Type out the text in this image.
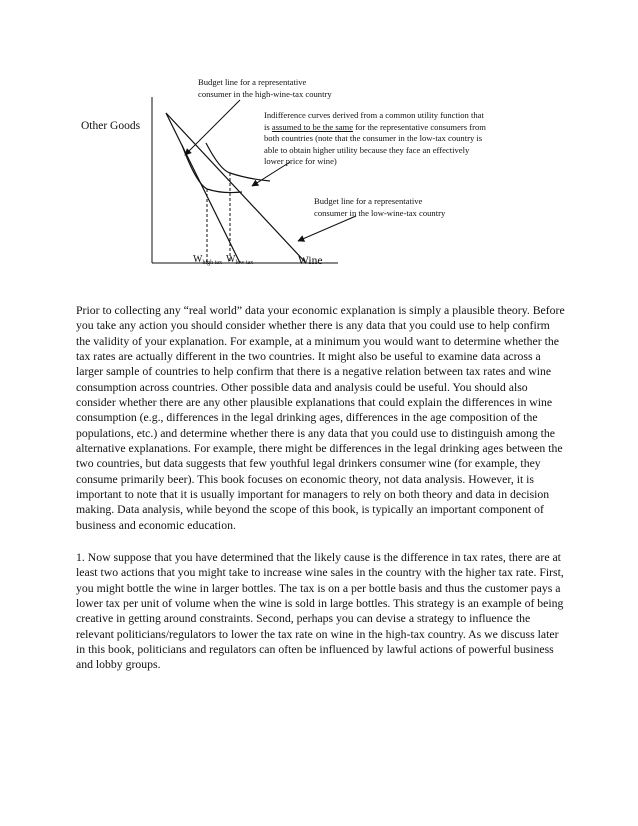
Budget line for a representative
consumer in the high-wine-tax country
Indifference curves derived from a common utility function that
is assumed to be the same for the representative consumers from
both countries (note that the consumer in the low-tax country is
able to obtain higher utility because they face an effectively
lower price for wine)
Budget line for a representative
consumer in the low-wine-tax country
Other Goods
Wine
$W_{high tax}$ $W_{low tax}$

Prior to collecting any “real world” data your economic explanation is simply a plausible theory. Before you take any action you should consider whether there is any data that you could use to help confirm the validity of your explanation. For example, at a minimum you would want to determine whether the tax rates are actually different in the two countries. It might also be useful to examine data across a larger sample of countries to help confirm that there is a negative relation between tax rates and wine consumption across countries. Other possible data and analysis could be useful. You should also consider whether there are any other plausible explanations that could explain the differences in wine consumption (e.g., differences in the legal drinking ages, differences in the age composition of the populations, etc.) and determine whether there is any data that you could use to distinguish among the alternative explanations. For example, there might be differences in the legal drinking ages between the two countries, but data suggests that few youthful legal drinkers consumer wine (for example, they consume primarily beer). This book focuses on economic theory, not data analysis. However, it is important to note that it is usually important for managers to rely on both theory and data in decision making. Data analysis, while beyond the scope of this book, is typically an important component of business and economic education.

1. Now suppose that you have determined that the likely cause is the difference in tax rates, there are at least two actions that you might take to increase wine sales in the country with the higher tax rate. First, you might bottle the wine in larger bottles. The tax is on a per bottle basis and thus the customer pays a lower tax per unit of volume when the wine is sold in large bottles. This strategy is an example of being creative in getting around constraints. Second, perhaps you can devise a strategy to influence the relevant politicians/regulators to lower the tax rate on wine in the high-tax country. As we discuss later in this book, politicians and regulators can often be influenced by lawful actions of powerful business and lobby groups.
